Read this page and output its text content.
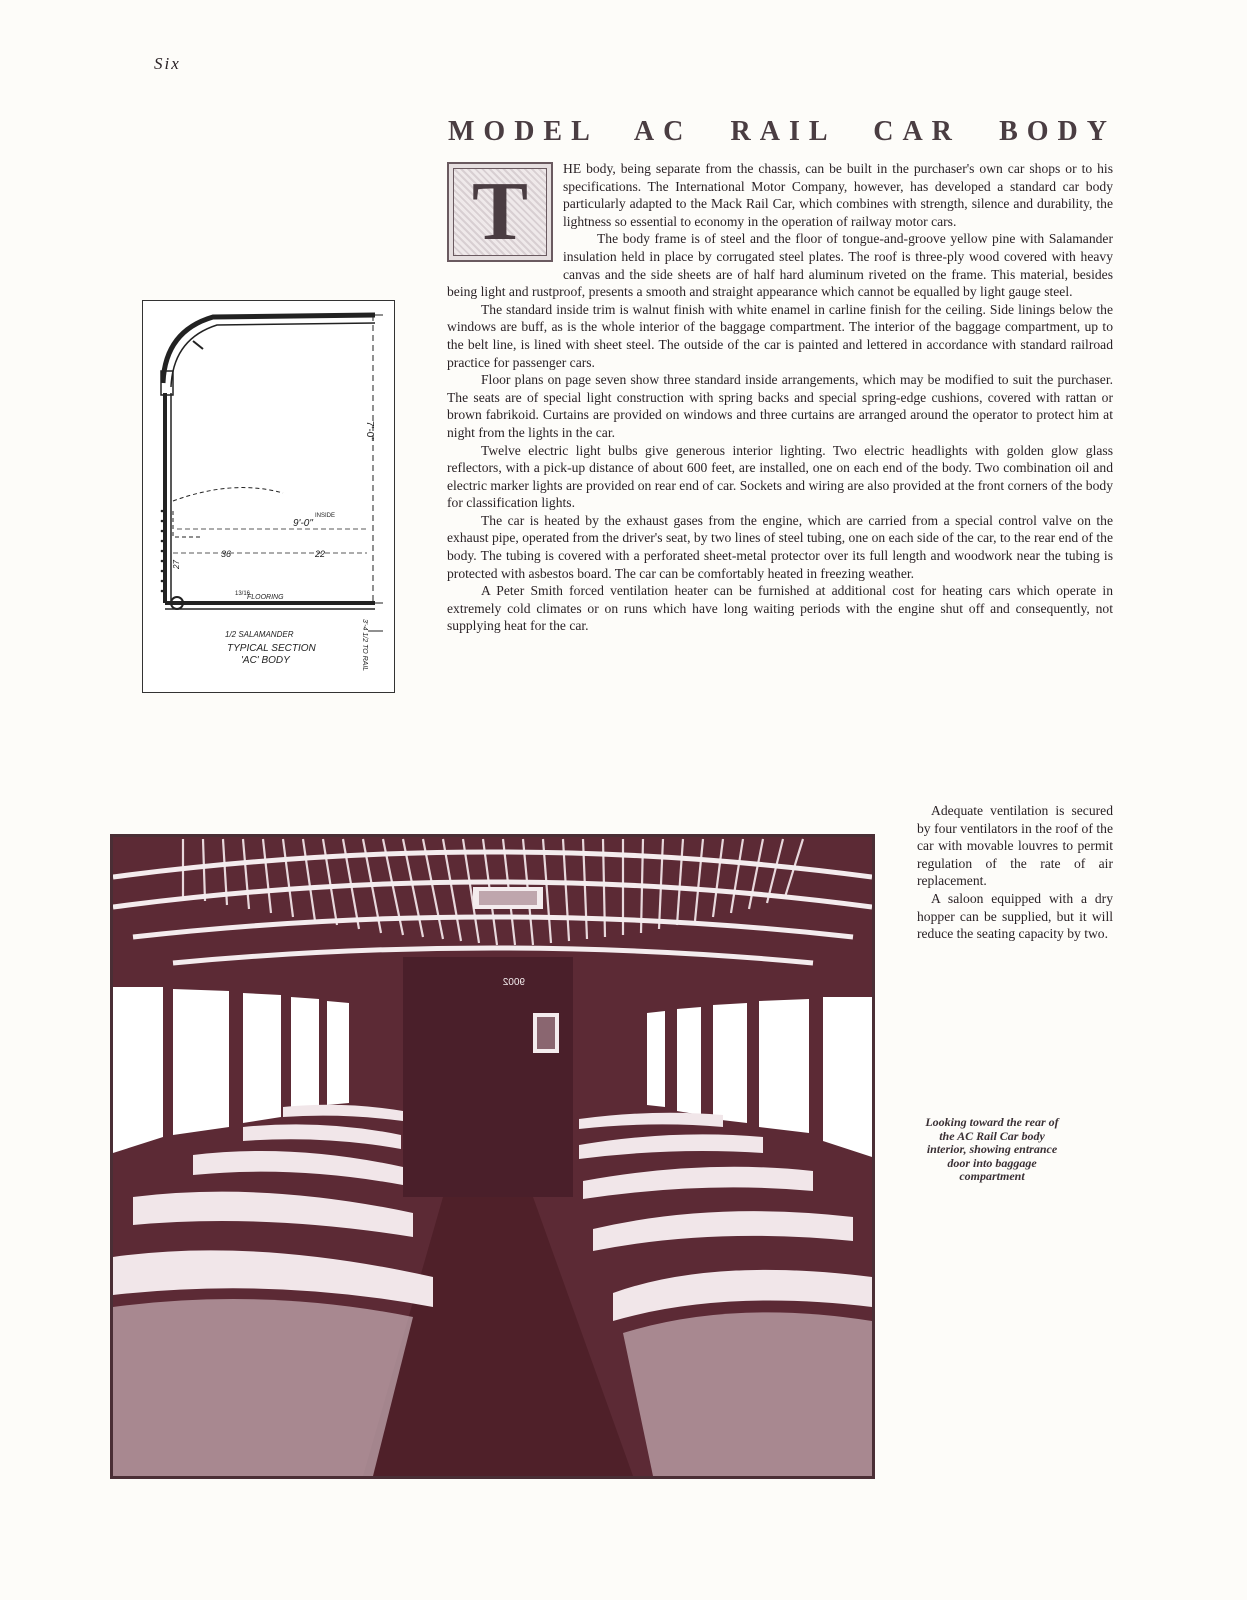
Six
MODEL AC RAIL CAR BODY
T	HE body, being separate from the chassis, can be built in the purchaser's own car shops or to his specifications. The International Motor Company, however, has developed a standard car body particularly adapted to the Mack Rail Car, which combines with strength, silence and durability, the lightness so essential to economy in the operation of railway motor cars.

The body frame is of steel and the floor of tongue-and-groove yellow pine with Salamander insulation held in place by corrugated steel plates. The roof is three-ply wood covered with heavy canvas and the side sheets are of half hard aluminum riveted on the frame. This material, besides being light and rustproof, presents a smooth and straight appearance which cannot be equalled by light gauge steel.

The standard inside trim is walnut finish with white enamel in carline finish for the ceiling. Side linings below the windows are buff, as is the whole interior of the baggage compartment. The interior of the baggage compartment, up to the belt line, is lined with sheet steel. The outside of the car is painted and lettered in accordance with standard railroad practice for passenger cars.

Floor plans on page seven show three standard inside arrangements, which may be modified to suit the purchaser. The seats are of special light construction with spring backs and special spring-edge cushions, covered with rattan or brown fabrikoid. Curtains are provided on windows and three curtains are arranged around the operator to protect him at night from the lights in the car.

Twelve electric light bulbs give generous interior lighting. Two electric headlights with golden glow glass reflectors, with a pick-up distance of about 600 feet, are installed, one on each end of the body. Two combination oil and electric marker lights are provided on rear end of car. Sockets and wiring are also provided at the front corners of the body for classification lights.

The car is heated by the exhaust gases from the engine, which are carried from a special control valve on the exhaust pipe, operated from the driver's seat, by two lines of steel tubing, one on each side of the car, to the rear end of the body. The tubing is covered with a perforated sheet-metal protector over its full length and woodwork near the tubing is protected with asbestos board. The car can be comfortably heated in freezing weather.

A Peter Smith forced ventilation heater can be furnished at additional cost for heating cars which operate in extremely cold climates or on runs which have long waiting periods with the engine shut off and consequently, not supplying heat for the car.

Adequate ventilation is secured by four ventilators in the roof of the car with movable louvres to permit regulation of the rate of air replacement.

A saloon equipped with a dry hopper can be supplied, but it will reduce the seating capacity by two.

7'-0"
9'-0"
INSIDE
36	22
27
13/16
FLOORING
1/2 SALAMANDER
TYPICAL SECTION
'AC' BODY	3'-4 1/2 TO RAIL
9002
Looking toward the rear of the AC Rail Car body interior, showing entrance door into baggage compartment
